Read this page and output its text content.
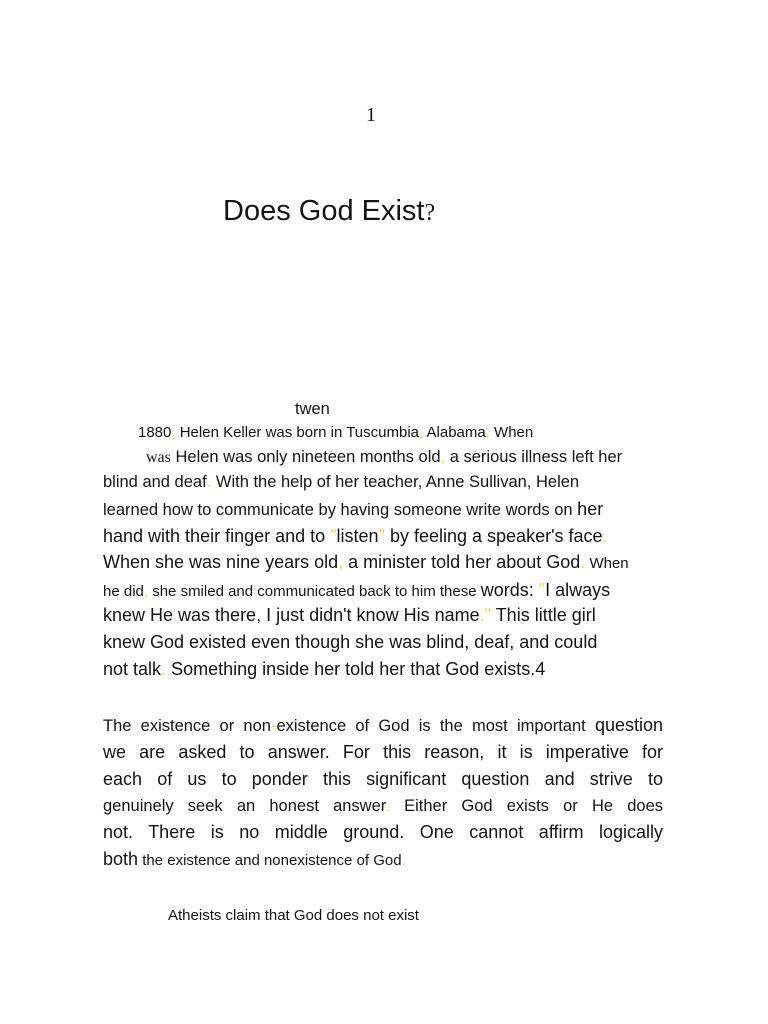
1
Does God Exist?
twen
1880, Helen Keller was born in Tuscumbia, Alabama. When
was Helen was only nineteen months old, a serious illness left her
blind and deaf. With the help of her teacher, Anne Sullivan, Helen
learned how to communicate by having someone write words on her
hand with their finger and to "listen" by feeling a speaker's face.
When she was nine years old, a minister told her about God. When
he did, she smiled and communicated back to him these words: "I always
knew He was there, I just didn't know His name." This little girl
knew God existed even though she was blind, deaf, and could
not talk. Something inside her told her that God exists.4
The existence or non-existence of God is the most important question
we are asked to answer. For this reason, it is imperative for
each of us to ponder this significant question and strive to
genuinely seek an honest answer. Either God exists or He does
not. There is no middle ground. One cannot affirm logically
both the existence and nonexistence of God.
Atheists claim that God does not exist
